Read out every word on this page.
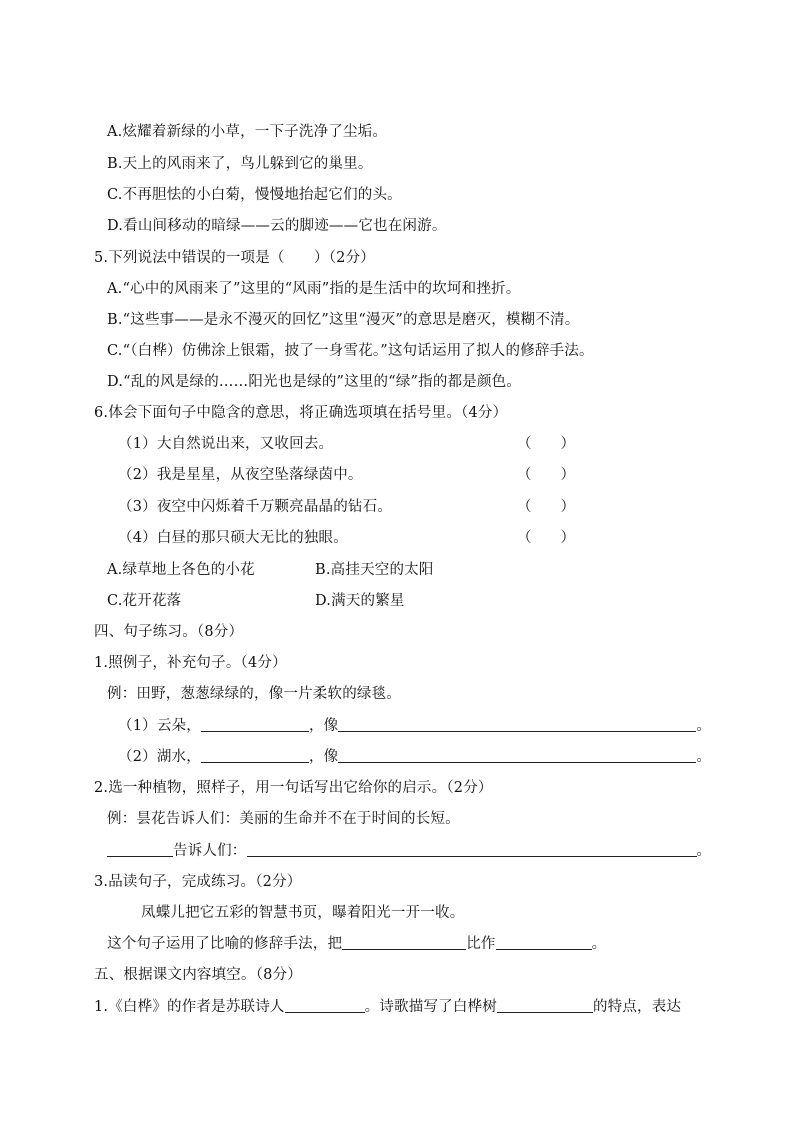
A.炫耀着新绿的小草，一下子洗净了尘垢。
B.天上的风雨来了，鸟儿躲到它的巢里。
C.不再胆怯的小白菊，慢慢地抬起它们的头。
D.看山间移动的暗绿——云的脚迹——它也在闲游。
5.下列说法中错误的一项是（　　）（2分）
A.“心中的风雨来了”这里的“风雨”指的是生活中的坎坷和挫折。
B.“这些事——是永不漫灭的回忆”这里“漫灭”的意思是磨灭，模糊不清。
C.“（白桦）仿佛涂上银霜，披了一身雪花。”这句话运用了拟人的修辞手法。
D.“乱的风是绿的……阳光也是绿的”这里的“绿”指的都是颜色。
6.体会下面句子中隐含的意思，将正确选项填在括号里。（4分）
（1）大自然说出来，又收回去。	（　　）
（2）我是星星，从夜空坠落绿茵中。	（　　）
（3）夜空中闪烁着千万颗亮晶晶的钻石。	（　　）
（4）白昼的那只硕大无比的独眼。	（　　）
A.绿草地上各色的小花	B.高挂天空的太阳
C.花开花落	D.满天的繁星
四、句子练习。（8分）
1.照例子，补充句子。（4分）
例：田野，葱葱绿绿的，像一片柔软的绿毯。
（1）云朵，	，像	。
（2）湖水，	，像	。
2.选一种植物，照样子，用一句话写出它给你的启示。（2分）
例：昙花告诉人们：美丽的生命并不在于时间的长短。
告诉人们：	。
3.品读句子，完成练习。（2分）
凤蝶儿把它五彩的智慧书页，曝着阳光一开一收。
这个句子运用了比喻的修辞手法，把	比作	。
五、根据课文内容填空。（8分）
1.《白桦》的作者是苏联诗人	。诗歌描写了白桦树	的特点，表达
